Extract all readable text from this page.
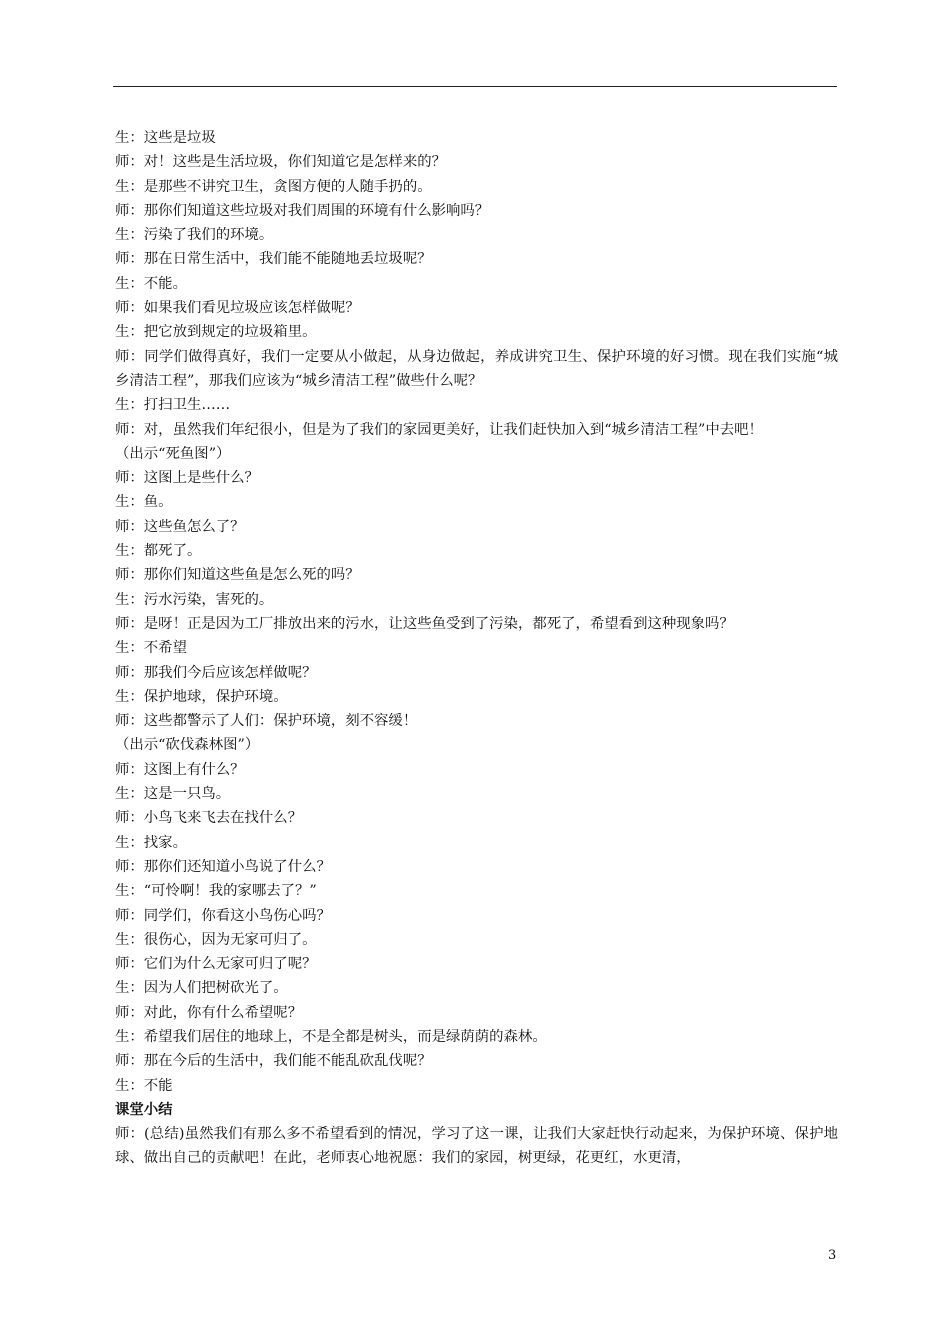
生：这些是垃圾
师：对！这些是生活垃圾，你们知道它是怎样来的？
生：是那些不讲究卫生，贪图方便的人随手扔的。
师：那你们知道这些垃圾对我们周围的环境有什么影响吗？
生：污染了我们的环境。
师：那在日常生活中，我们能不能随地丢垃圾呢？
生：不能。
师：如果我们看见垃圾应该怎样做呢？
生：把它放到规定的垃圾箱里。
师：同学们做得真好，我们一定要从小做起，从身边做起，养成讲究卫生、保护环境的好习惯。现在我们实施“城乡清洁工程”，那我们应该为“城乡清洁工程”做些什么呢？
生：打扫卫生……
师：对，虽然我们年纪很小，但是为了我们的家园更美好，让我们赶快加入到“城乡清洁工程”中去吧！
（出示“死鱼图”）
师：这图上是些什么？
生：鱼。
师：这些鱼怎么了？
生：都死了。
师：那你们知道这些鱼是怎么死的吗？
生：污水污染，害死的。
师：是呀！正是因为工厂排放出来的污水，让这些鱼受到了污染，都死了，希望看到这种现象吗？
生：不希望
师：那我们今后应该怎样做呢？
生：保护地球，保护环境。
师：这些都警示了人们：保护环境，刻不容缓！
（出示“砍伐森林图”）
师：这图上有什么？
生：这是一只鸟。
师：小鸟飞来飞去在找什么？
生：找家。
师：那你们还知道小鸟说了什么？
生：“可怜啊！我的家哪去了？”
师：同学们，你看这小鸟伤心吗？
生：很伤心，因为无家可归了。
师：它们为什么无家可归了呢？
生：因为人们把树砍光了。
师：对此，你有什么希望呢？
生：希望我们居住的地球上，不是全都是树头，而是绿荫荫的森林。
师：那在今后的生活中，我们能不能乱砍乱伐呢？
生：不能
课堂小结
师：(总结)虽然我们有那么多不希望看到的情况，学习了这一课，让我们大家赶快行动起来，为保护环境、保护地球、做出自己的贡献吧！在此，老师衷心地祝愿：我们的家园，树更绿，花更红，水更清，
3
